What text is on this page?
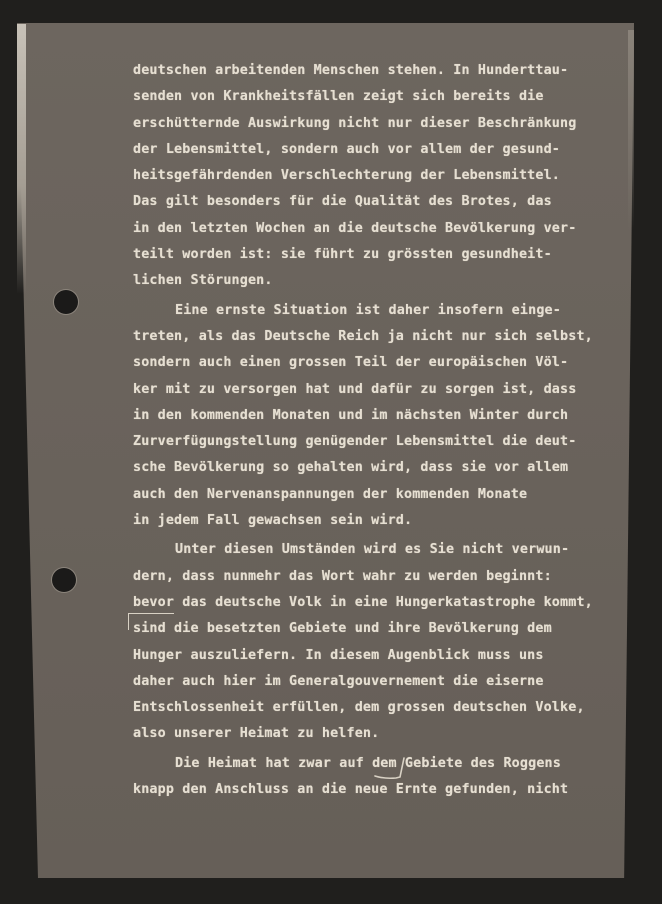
deutschen arbeitenden Menschen stehen. In Hunderttau-
senden von Krankheitsfällen zeigt sich bereits die
erschütternde Auswirkung nicht nur dieser Beschränkung
der Lebensmittel, sondern auch vor allem der gesund-
heitsgefährdenden Verschlechterung der Lebensmittel.
Das gilt besonders für die Qualität des Brotes, das
in den letzten Wochen an die deutsche Bevölkerung ver-
teilt worden ist: sie führt zu grössten gesundheit-
lichen Störungen.
Eine ernste Situation ist daher insofern einge-
treten, als das Deutsche Reich ja nicht nur sich selbst,
sondern auch einen grossen Teil der europäischen Völ-
ker mit zu versorgen hat und dafür zu sorgen ist, dass
in den kommenden Monaten und im nächsten Winter durch
Zurverfügungstellung genügender Lebensmittel die deut-
sche Bevölkerung so gehalten wird, dass sie vor allem
auch den Nervenanspannungen der kommenden Monate
in jedem Fall gewachsen sein wird.
Unter diesen Umständen wird es Sie nicht verwun-
dern, dass nunmehr das Wort wahr zu werden beginnt:
bevor das deutsche Volk in eine Hungerkatastrophe kommt,
sind die besetzten Gebiete und ihre Bevölkerung dem
Hunger auszuliefern. In diesem Augenblick muss uns
daher auch hier im Generalgouvernement die eiserne
Entschlossenheit erfüllen, dem grossen deutschen Volke,
also unserer Heimat zu helfen.
Die Heimat hat zwar auf dem Gebiete des Roggens
knapp den Anschluss an die neue Ernte gefunden, nicht
